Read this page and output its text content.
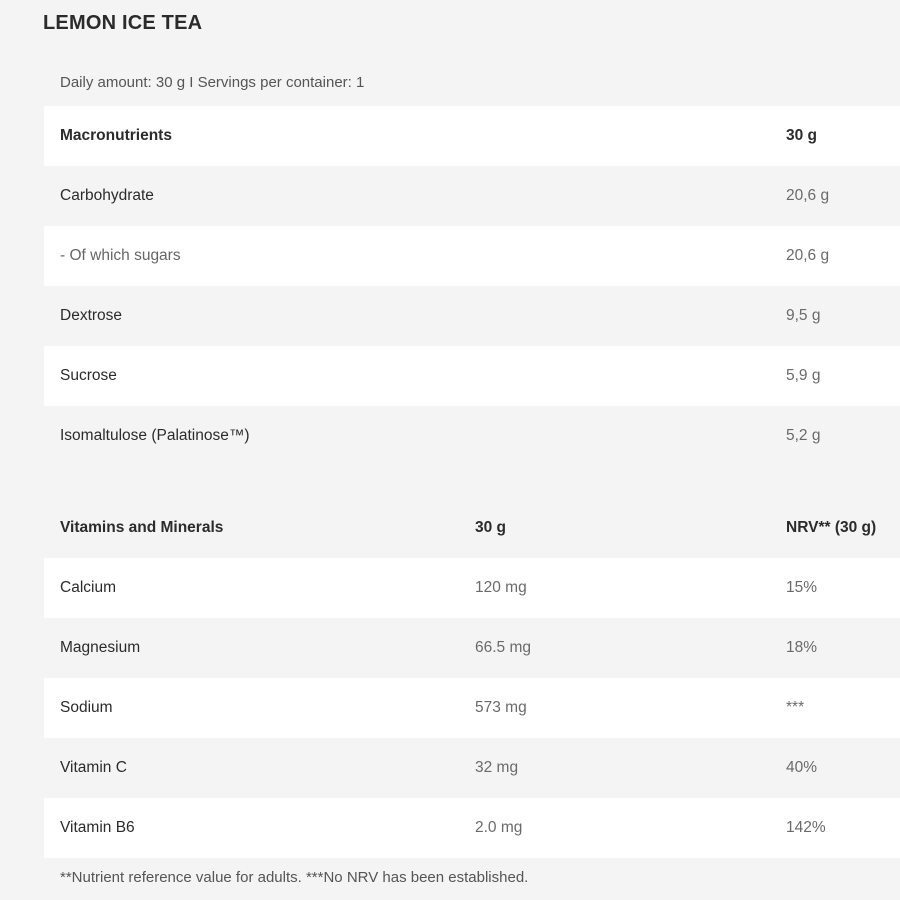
LEMON ICE TEA
Daily amount: 30 g I Servings per container: 1
Macronutrients	30 g
Carbohydrate	20,6 g
- Of which sugars	20,6 g
Dextrose	9,5 g
Sucrose	5,9 g
Isomaltulose (Palatinose™)	5,2 g
Vitamins and Minerals	30 g	NRV** (30 g)
Calcium	120 mg	15%
Magnesium	66.5 mg	18%
Sodium	573 mg	***
Vitamin C	32 mg	40%
Vitamin B6	2.0 mg	142%
**Nutrient reference value for adults. ***No NRV has been established.
